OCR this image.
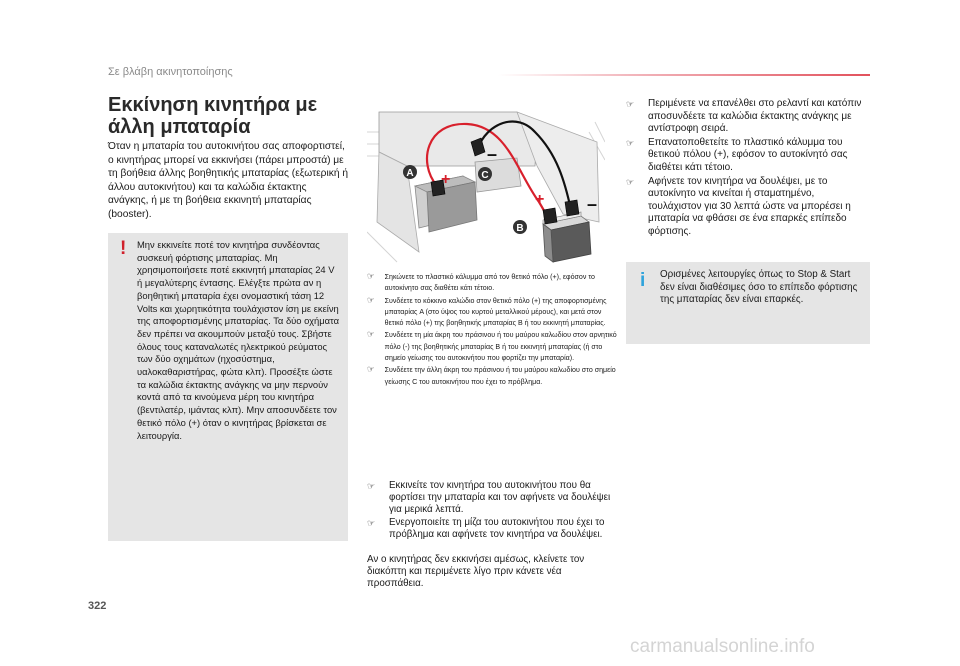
Σε βλάβη ακινητοποίησης
Εκκίνηση κινητήρα με άλλη μπαταρία

Όταν η μπαταρία του αυτοκινήτου σας αποφορτιστεί, ο κινητήρας μπορεί να εκκινήσει (πάρει μπροστά) με τη βοήθεια άλλης βοηθητικής μπαταρίας (εξωτερική ή άλλου αυτοκινήτου) και τα καλώδια έκτακτης ανάγκης, ή με τη βοήθεια εκκινητή μπαταρίας (booster).

! Μην εκκινείτε ποτέ τον κινητήρα συνδέοντας συσκευή φόρτισης μπαταρίας. Μη χρησιμοποιήσετε ποτέ εκκινητή μπαταρίας 24 V ή μεγαλύτερης έντασης. Ελέγξτε πρώτα αν η βοηθητική μπαταρία έχει ονομαστική τάση 12 Volts και χωρητικότητα τουλάχιστον ίση με εκείνη της αποφορτισμένης μπαταρίας. Τα δύο οχήματα δεν πρέπει να ακουμπούν μεταξύ τους. Σβήστε όλους τους καταναλωτές ηλεκτρικού ρεύματος των δύο οχημάτων (ηχοσύστημα, υαλοκαθαριστήρας, φώτα κλπ). Προσέξτε ώστε τα καλώδια έκτακτης ανάγκης να μην περνούν κοντά από τα κινούμενα μέρη του κινητήρα (βεντιλατέρ, ιμάντας κλπ). Μην αποσυνδέετε τον θετικό πόλο (+) όταν ο κινητήρας βρίσκεται σε λειτουργία.

+
–
+ –
A	C
B
☞ Σηκώνετε το πλαστικό κάλυμμα από τον θετικό πόλο (+), εφόσον το αυτοκίνητο σας διαθέτει κάτι τέτοιο.
☞ Συνδέετε το κόκκινο καλώδιο στον θετικό πόλο (+) της αποφορτισμένης μπαταρίας A (στο ύψος του κυρτού μεταλλικού μέρους), και μετά στον θετικό πόλο (+) της βοηθητικής μπαταρίας B ή του εκκινητή μπαταρίας.
☞ Συνδέετε τη μία άκρη του πράσινου ή του μαύρου καλωδίου στον αρνητικό πόλο (-) της βοηθητικής μπαταρίας B ή του εκκινητή μπαταρίας (ή στο σημείο γείωσης του αυτοκινήτου που φορτίζει την μπαταρία).
☞ Συνδέετε την άλλη άκρη του πράσινου ή του μαύρου καλωδίου στο σημείο γείωσης C του αυτοκινήτου που έχει το πρόβλημα.
☞ Εκκινείτε τον κινητήρα του αυτοκινήτου που θα φορτίσει την μπαταρία και τον αφήνετε να δουλέψει για μερικά λεπτά.
☞ Ενεργοποιείτε τη μίζα του αυτοκινήτου που έχει το πρόβλημα και αφήνετε τον κινητήρα να δουλέψει.

Αν ο κινητήρας δεν εκκινήσει αμέσως, κλείνετε τον διακόπτη και περιμένετε λίγο πριν κάνετε νέα προσπάθεια.

☞ Περιμένετε να επανέλθει στο ρελαντί και κατόπιν αποσυνδέετε τα καλώδια έκτακτης ανάγκης με αντίστροφη σειρά.
☞ Επανατοποθετείτε το πλαστικό κάλυμμα του θετικού πόλου (+), εφόσον το αυτοκίνητό σας διαθέτει κάτι τέτοιο.
☞ Αφήνετε τον κινητήρα να δουλέψει, με το αυτοκίνητο να κινείται ή σταματημένο, τουλάχιστον για 30 λεπτά ώστε να μπορέσει η μπαταρία να φθάσει σε ένα επαρκές επίπεδο φόρτισης.
i Ορισμένες λειτουργίες όπως το Stop & Start δεν είναι διαθέσιμες όσο το επίπεδο φόρτισης της μπαταρίας δεν είναι επαρκές.

322
carmanualsonline.info
